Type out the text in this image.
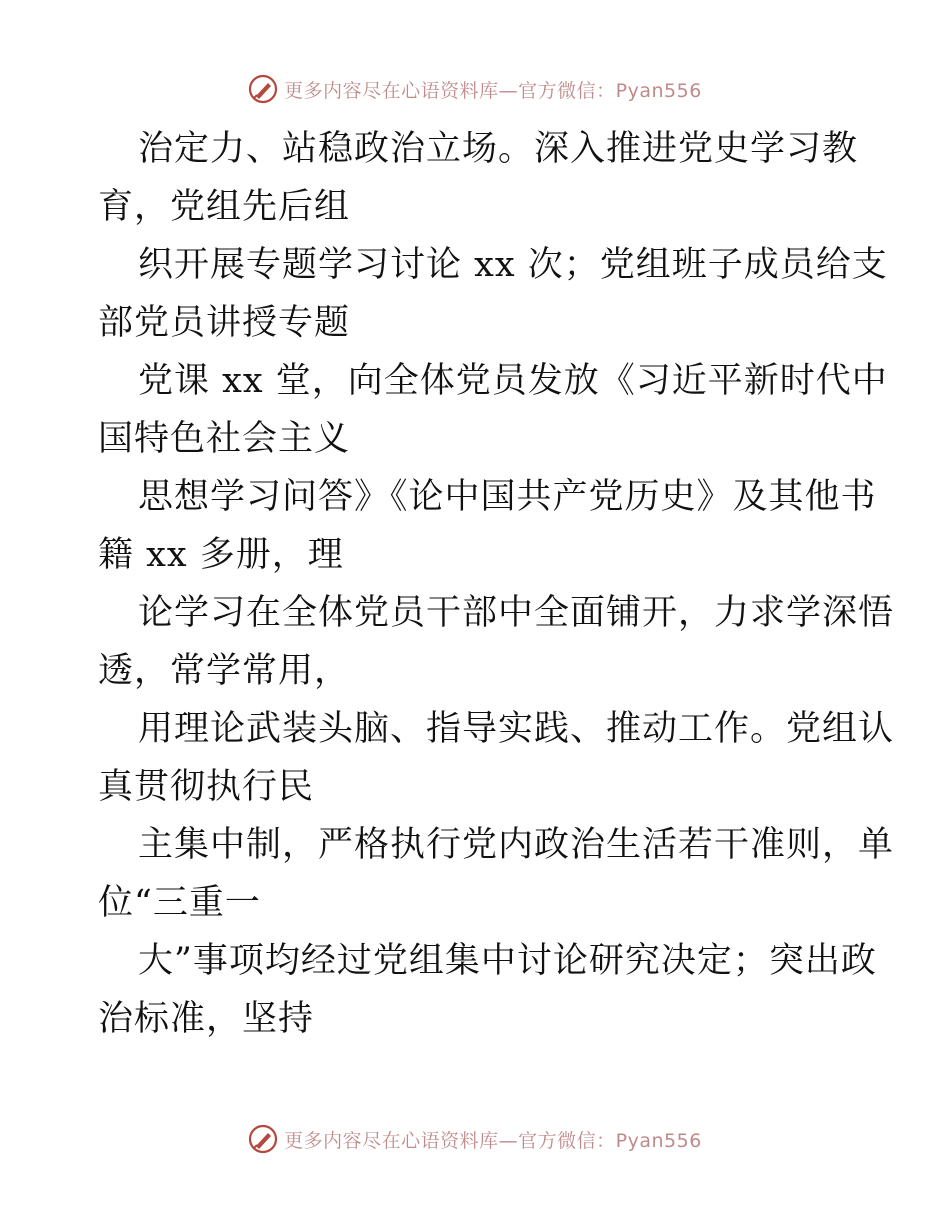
更多内容尽在心语资料库—官方微信：Pyan556
治定力、站稳政治立场。深入推进党史学习教
育，党组先后组
织开展专题学习讨论 xx 次；党组班子成员给支
部党员讲授专题
党课 xx 堂，向全体党员发放《习近平新时代中
国特色社会主义
思想学习问答》《论中国共产党历史》及其他书
籍 xx 多册，理
论学习在全体党员干部中全面铺开，力求学深悟
透，常学常用，
用理论武装头脑、指导实践、推动工作。党组认
真贯彻执行民
主集中制，严格执行党内政治生活若干准则，单
位“三重一
大”事项均经过党组集中讨论研究决定；突出政
治标准，坚持
更多内容尽在心语资料库—官方微信：Pyan556
